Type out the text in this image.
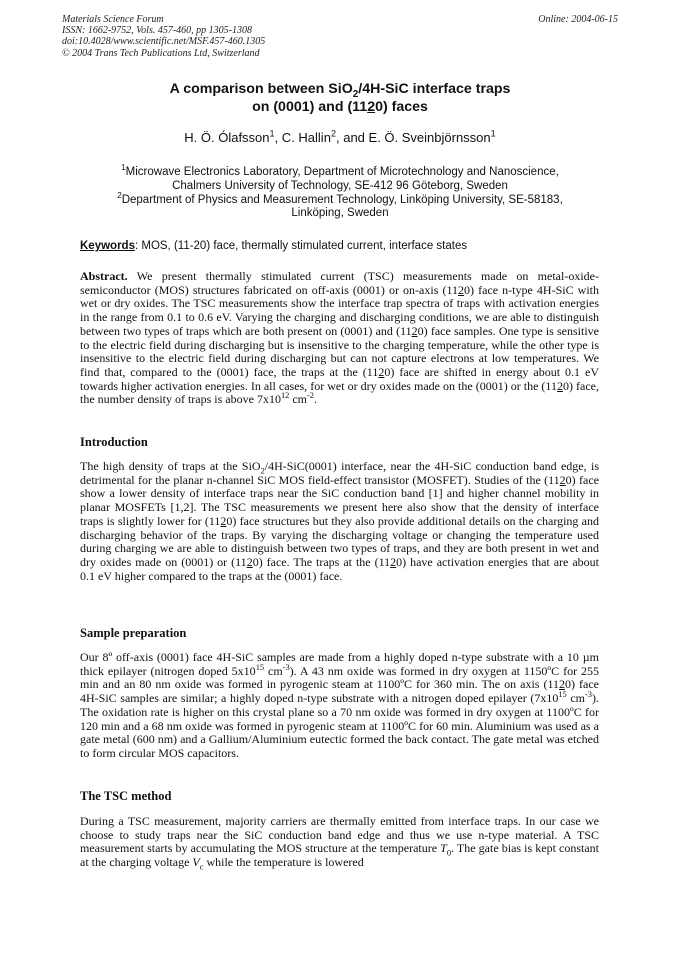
Materials Science Forum
ISSN: 1662-9752, Vols. 457-460, pp 1305-1308
doi:10.4028/www.scientific.net/MSF.457-460.1305
© 2004 Trans Tech Publications Ltd, Switzerland
Online: 2004-06-15
A comparison between SiO$_2$/4H-SiC interface traps
on (0001) and (1120) faces
H. Ö. Ólafsson$^1$, C. Hallin$^2$, and E. Ö. Sveinbjörnsson$^1$
$^1$Microwave Electronics Laboratory, Department of Microtechnology and Nanoscience,
Chalmers University of Technology, SE-412 96 Göteborg, Sweden
$^2$Department of Physics and Measurement Technology, Linköping University, SE-58183,
Linköping, Sweden
Keywords: MOS, (11-20) face, thermally stimulated current, interface states
Abstract. We present thermally stimulated current (TSC) measurements made on metal-oxide-semiconductor (MOS) structures fabricated on off-axis (0001) or on-axis (1120) face n-type 4H-SiC with wet or dry oxides. The TSC measurements show the interface trap spectra of traps with activation energies in the range from 0.1 to 0.6 eV. Varying the charging and discharging conditions, we are able to distinguish between two types of traps which are both present on (0001) and (1120) face samples. One type is sensitive to the electric field during discharging but is insensitive to the charging temperature, while the other type is insensitive to the electric field during discharging but can not capture electrons at low temperatures. We find that, compared to the (0001) face, the traps at the (1120) face are shifted in energy about 0.1 eV towards higher activation energies. In all cases, for wet or dry oxides made on the (0001) or the (1120) face, the number density of traps is above $7x10^{12}$ $cm^{-2}$.
Introduction
The high density of traps at the SiO$_2$/4H-SiC(0001) interface, near the 4H-SiC conduction band edge, is detrimental for the planar n-channel SiC MOS field-effect transistor (MOSFET). Studies of the (1120) face show a lower density of interface traps near the SiC conduction band [1] and higher channel mobility in planar MOSFETs [1,2]. The TSC measurements we present here also show that the density of interface traps is slightly lower for (1120) face structures but they also provide additional details on the charging and discharging behavior of the traps. By varying the discharging voltage or changing the temperature used during charging we are able to distinguish between two types of traps, and they are both present in wet and dry oxides made on (0001) or (1120) face. The traps at the (1120) have activation energies that are about 0.1 eV higher compared to the traps at the (0001) face.
Sample preparation
Our 8º off-axis (0001) face 4H-SiC samples are made from a highly doped n-type substrate with a 10 µm thick epilayer (nitrogen doped $5x10^{15}$ $cm^{-3}$). A 43 nm oxide was formed in dry oxygen at 1150ºC for 255 min and an 80 nm oxide was formed in pyrogenic steam at 1100ºC for 360 min. The on axis (1120) face 4H-SiC samples are similar; a highly doped n-type substrate with a nitrogen doped epilayer ($7x10^{15}$ $cm^{-3}$). The oxidation rate is higher on this crystal plane so a 70 nm oxide was formed in dry oxygen at 1100ºC for 120 min and a 68 nm oxide was formed in pyrogenic steam at 1100ºC for 60 min. Aluminium was used as a gate metal (600 nm) and a Gallium/Aluminium eutectic formed the back contact. The gate metal was etched to form circular MOS capacitors.
The TSC method
During a TSC measurement, majority carriers are thermally emitted from interface traps. In our case we choose to study traps near the SiC conduction band edge and thus we use n-type material. A TSC measurement starts by accumulating the MOS structure at the temperature $T_0$. The gate bias is kept constant at the charging voltage $V_c$ while the temperature is lowered
